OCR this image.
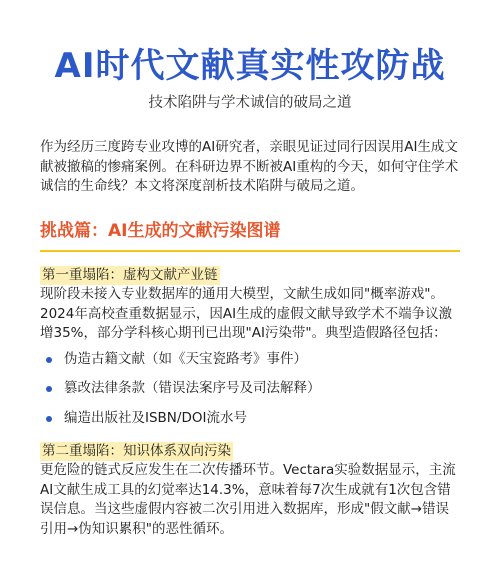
AI时代文献真实性攻防战
技术陷阱与学术诚信的破局之道

作为经历三度跨专业攻博的AI研究者，亲眼见证过同行因误用AI生成文献被撤稿的惨痛案例。在科研边界不断被AI重构的今天，如何守住学术诚信的生命线？本文将深度剖析技术陷阱与破局之道。

挑战篇：AI生成的文献污染图谱
第一重塌陷：虚构文献产业链

现阶段未接入专业数据库的通用大模型，文献生成如同"概率游戏"。2024年高校查重数据显示，因AI生成的虚假文献导致学术不端争议激增35%，部分学科核心期刊已出现"AI污染带"。典型造假路径包括：

伪造古籍文献（如《天宝瓷路考》事件）
篡改法律条款（错误法案序号及司法解释）
编造出版社及ISBN/DOI流水号
第二重塌陷：知识体系双向污染

更危险的链式反应发生在二次传播环节。Vectara实验数据显示，主流AI文献生成工具的幻觉率达14.3%，意味着每7次生成就有1次包含错误信息。当这些虚假内容被二次引用进入数据库，形成"假文献→错误引用→伪知识累积"的恶性循环。
